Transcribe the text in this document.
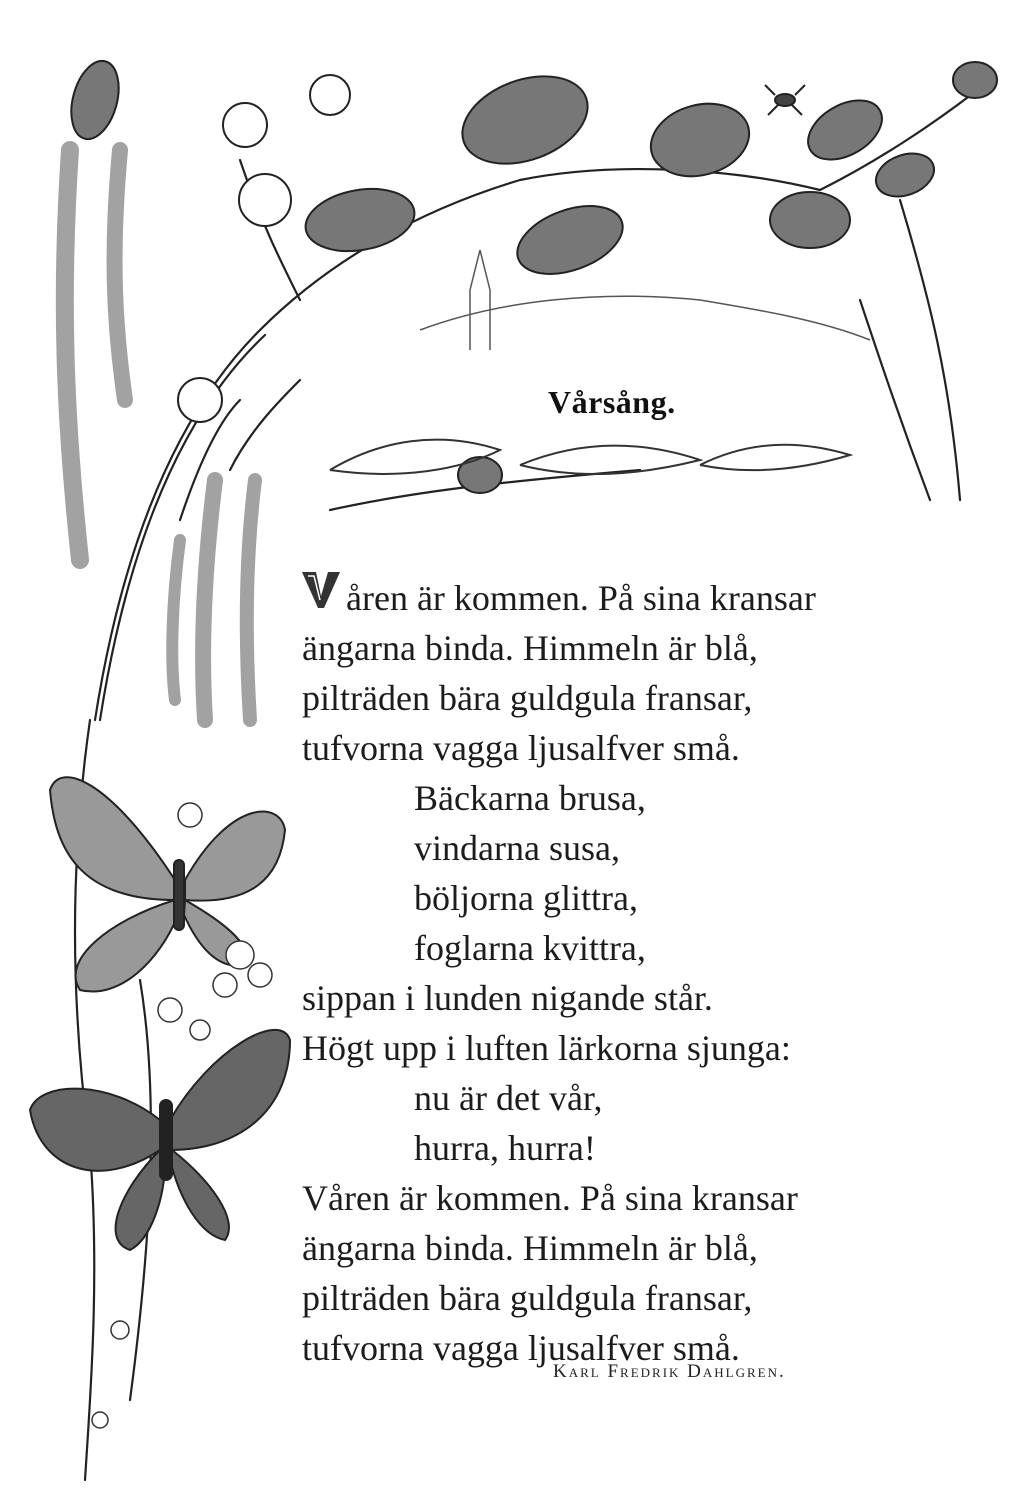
Vårsång.
åren är kommen. På sina kransar
ängarna binda. Himmeln är blå,
pilträden bära guldgula fransar,
tufvorna vagga ljusalfver små.
Bäckarna brusa,
vindarna susa,
böljorna glittra,
foglarna kvittra,
sippan i lunden nigande står.
Högt upp i luften lärkorna sjunga:
nu är det vår,
hurra, hurra!
Våren är kommen. På sina kransar
ängarna binda. Himmeln är blå,
pilträden bära guldgula fransar,
tufvorna vagga ljusalfver små.
Karl Fredrik Dahlgren.
